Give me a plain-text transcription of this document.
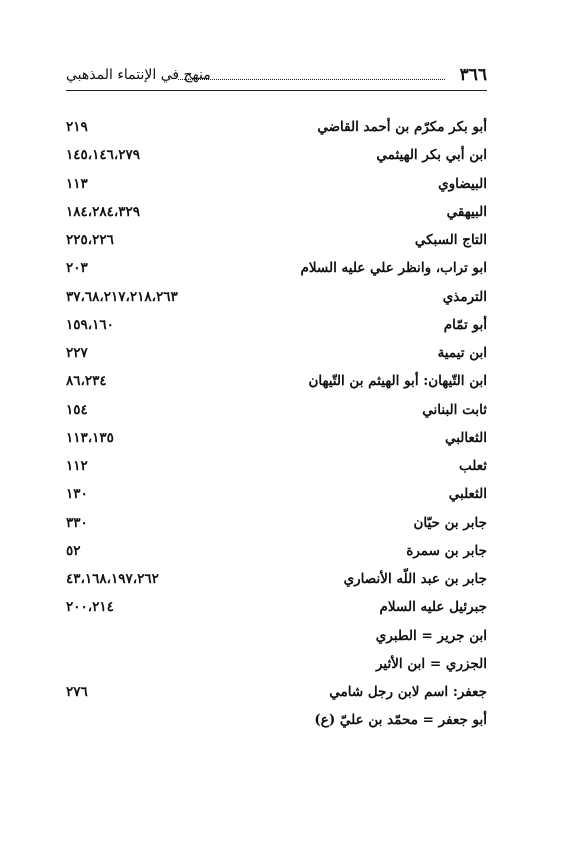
٣٦٦
منهج في الإنتماء المذهبي
أبو بكر مكرّم بن أحمد القاضي
٢١٩
ابن أبي بكر الهيثمي
١٤٥،١٤٦،٢٧٩
البيضاوي
١١٣
البيهقي
١٨٤،٢٨٤،٣٢٩
التاج السبكي
٢٢٥،٢٢٦
ابو تراب، وانظر علي عليه السلام
٢٠٣
الترمذي
٣٧،٦٨،٢١٧،٢١٨،٢٦٣
أبو تمّام
١٥٩،١٦٠
ابن تيمية
٢٢٧
ابن التّيهان: أبو الهيثم بن التّيهان
٨٦،٢٣٤
ثابت البناني
١٥٤
الثعالبي
١١٣،١٣٥
ثعلب
١١٢
الثعلبي
١٣٠
جابر بن حيّان
٣٣٠
جابر بن سمرة
٥٢
جابر بن عبد اللّه الأنصاري
٤٣،١٦٨،١٩٧،٢٦٢
جبرئيل عليه السلام
٢٠٠،٢١٤
ابن جرير = الطبري
الجزري = ابن الأثير
جعفر: اسم لابن رجل شامي
٢٧٦
أبو جعفر = محمّد بن عليّ (ع)
